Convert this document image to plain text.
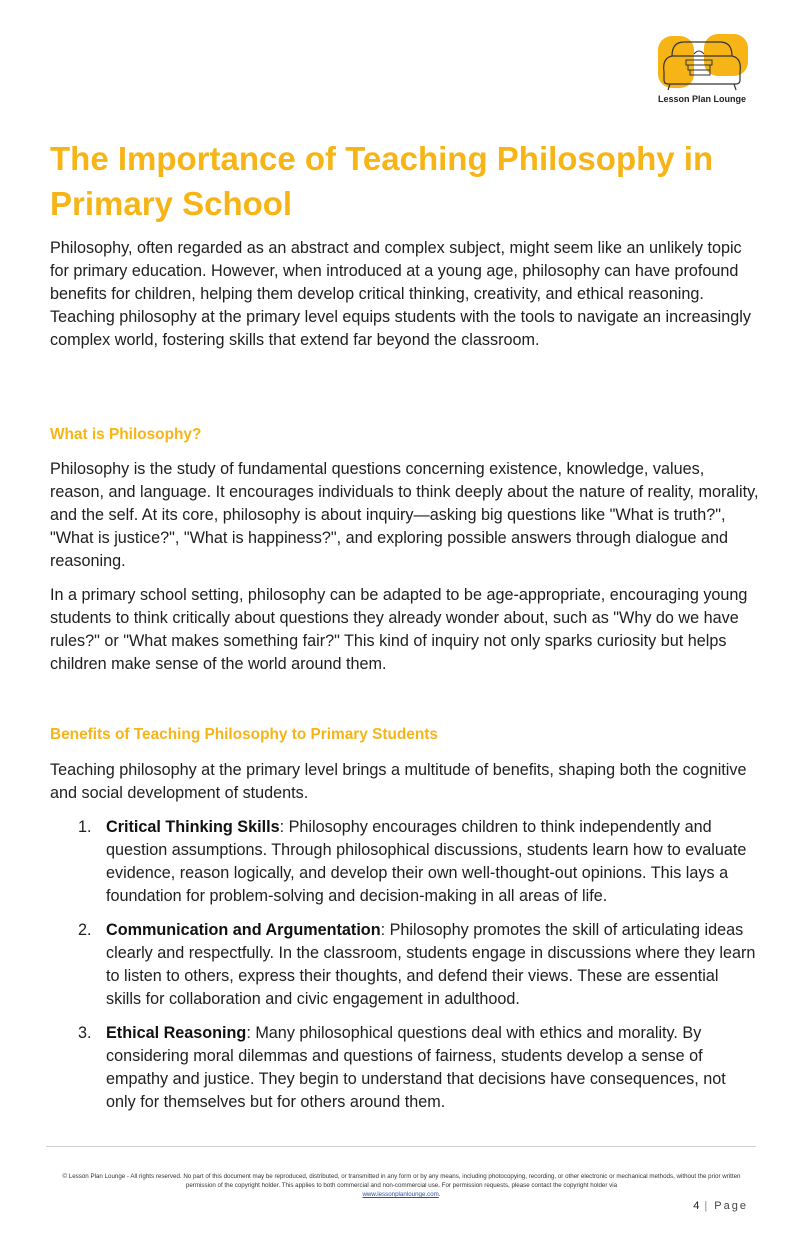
Lesson Plan Lounge
The Importance of Teaching Philosophy in Primary School

Philosophy, often regarded as an abstract and complex subject, might seem like an unlikely topic for primary education. However, when introduced at a young age, philosophy can have profound benefits for children, helping them develop critical thinking, creativity, and ethical reasoning. Teaching philosophy at the primary level equips students with the tools to navigate an increasingly complex world, fostering skills that extend far beyond the classroom.

What is Philosophy?

Philosophy is the study of fundamental questions concerning existence, knowledge, values, reason, and language. It encourages individuals to think deeply about the nature of reality, morality, and the self. At its core, philosophy is about inquiry—asking big questions like "What is truth?", "What is justice?", "What is happiness?", and exploring possible answers through dialogue and reasoning.

In a primary school setting, philosophy can be adapted to be age-appropriate, encouraging young students to think critically about questions they already wonder about, such as "Why do we have rules?" or "What makes something fair?" This kind of inquiry not only sparks curiosity but helps children make sense of the world around them.

Benefits of Teaching Philosophy to Primary Students

Teaching philosophy at the primary level brings a multitude of benefits, shaping both the cognitive and social development of students.

1. Critical Thinking Skills: Philosophy encourages children to think independently and question assumptions. Through philosophical discussions, students learn how to evaluate evidence, reason logically, and develop their own well-thought-out opinions. This lays a foundation for problem-solving and decision-making in all areas of life.

2. Communication and Argumentation: Philosophy promotes the skill of articulating ideas clearly and respectfully. In the classroom, students engage in discussions where they learn to listen to others, express their thoughts, and defend their views. These are essential skills for collaboration and civic engagement in adulthood.

3. Ethical Reasoning: Many philosophical questions deal with ethics and morality. By considering moral dilemmas and questions of fairness, students develop a sense of empathy and justice. They begin to understand that decisions have consequences, not only for themselves but for others around them.

© Lesson Plan Lounge - All rights reserved. No part of this document may be reproduced, distributed, or transmitted in any form or by any means, including photocopying, recording, or other electronic or mechanical methods, without the prior written permission of the copyright holder. This applies to both commercial and non-commercial use. For permission requests, please contact the copyright holder via
www.lessonplanlounge.com.

4 | Page
